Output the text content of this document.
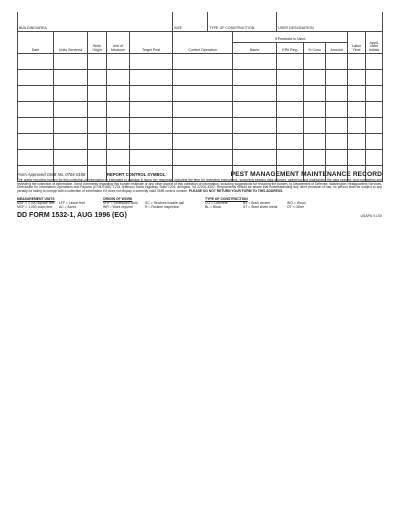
BUILDING/AREA					SIZE		TYPE OF CONSTRUCTION		USER DESIGNATION				
Date	Units Serviced	Work Origin	Unit of Measure	Target Pest	Control Operation			If Pesticide is Used				Labor Time	Appli-cator Initials
								Name	EPA Reg.	% Conc	Amount		

Form Approved OMB No. 0704-0188	REPORT CONTROL SYMBOL:	PEST MANAGEMENT MAINTENANCE RECORD
The public reporting burden for this collection of information is estimated to average 6 hours per response, including the time for reviewing instructions, searching existing data sources, gathering and maintaining the data needed, and completing and reviewing the collection of information. Send comments regarding this burden estimate or any other aspect of this collection of information, including suggestions for reducing the burden, to Department of Defense, Washington Headquarters Services, Directorate for Information Operations and Reports (0704-0188), 1215 Jefferson Davis Highway, Suite 1204, Arlington, VA 22202-4302. Respondents should be aware that notwithstanding any other provision of law, no person shall be subject to any penalty for failing to comply with a collection of information if it does not display a currently valid OMB control number. PLEASE DO NOT RETURN YOUR FORM TO THIS ADDRESS.
MEASUREMENT UNITS
MSF = 1,000 square feet	LFF = Linear feet
MCF = 1,000 cubic feet	AC = Acres
ORIGIN OF WORK
SHF = Scheduled work	SC = Services trouble call
WR = Work request	R = Routine inspection
TYPE OF CONSTRUCTION
CO = Concrete	BV = Brick veneer	WO = Wood
BL = Block	ST = Steel sheet metal	OT = Other
DD FORM 1532-1, AUG 1996 (EG)	USAPA V1.00
